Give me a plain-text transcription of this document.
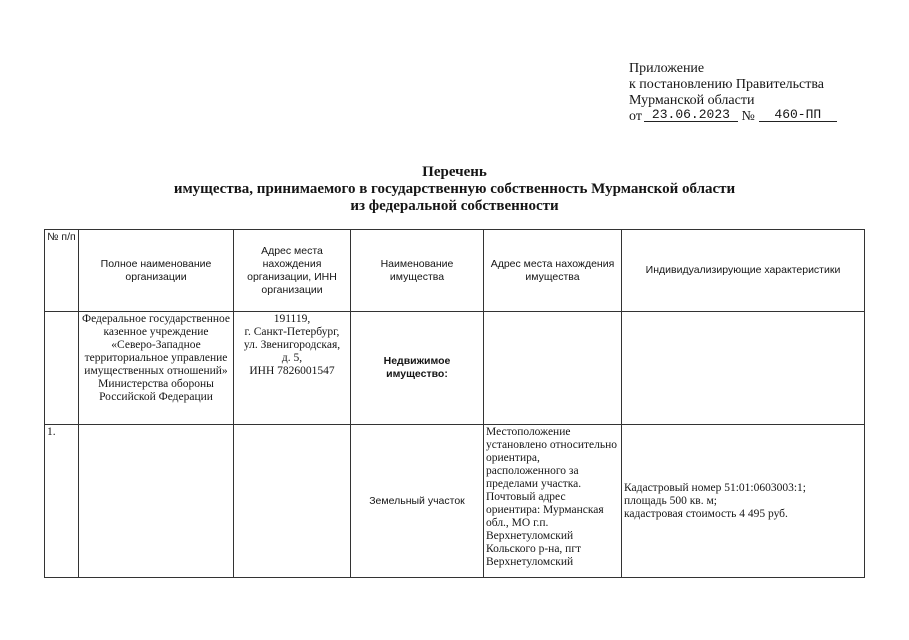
Приложение
к постановлению Правительства
Мурманской области
от 23.06.2023 № 460-ПП
Перечень
имущества, принимаемого в государственную собственность Мурманской области
из федеральной собственности
№ п/п	Полное наименование организации	Адрес места нахождения организации, ИНН организации	Наименование имущества	Адрес места нахождения имущества	Индивидуализирующие характеристики
	Федеральное государственное казенное учреждение «Северо-Западное территориальное управление имущественных отношений» Министерства обороны Российской Федерации	191119,
г. Санкт-Петербург,
ул. Звенигородская,
д. 5,
ИНН 7826001547	Недвижимое имущество:		
1.			Земельный участок	Местоположение установлено относительно ориентира, расположенного за пределами участка. Почтовый адрес ориентира: Мурманская обл., МО г.п. Верхнетуломский Кольского р-на, пгт Верхнетуломский	Кадастровый номер 51:01:0603003:1;
площадь 500 кв. м;
кадастровая стоимость 4 495 руб.
